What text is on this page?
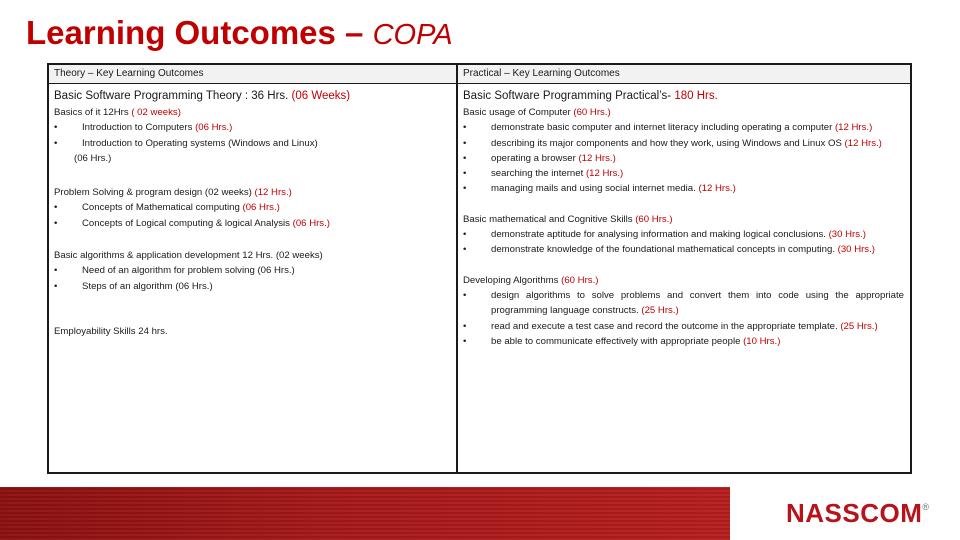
Learning Outcomes – COPA
Theory – Key Learning Outcomes
Basic Software Programming Theory : 36 Hrs. (06 Weeks)
Basics of it 12Hrs ( 02 weeks)
•	Introduction to Computers (06 Hrs.)
•	Introduction to Operating systems (Windows and Linux)
(06 Hrs.)
Problem Solving & program design (02 weeks) (12 Hrs.)
•	Concepts of Mathematical computing (06 Hrs.)
•	Concepts of Logical computing & logical Analysis (06 Hrs.)
Basic algorithms & application development 12 Hrs. (02 weeks)
•	Need of an algorithm for problem solving (06 Hrs.)
•	Steps of an algorithm (06 Hrs.)
Employability Skills 24 hrs.
Practical – Key Learning Outcomes
Basic Software Programming Practical’s- 180 Hrs.
Basic usage of Computer (60 Hrs.)
•	demonstrate basic computer and internet literacy including operating a computer (12 Hrs.)
•	describing its major components and how they work, using Windows and Linux OS (12 Hrs.)
•	operating a browser (12 Hrs.)
•	searching the internet (12 Hrs.)
•	managing mails and using social internet media. (12 Hrs.)
Basic mathematical and Cognitive Skills (60 Hrs.)
•	demonstrate aptitude for analysing information and making logical conclusions. (30 Hrs.)
•	demonstrate knowledge of the foundational mathematical concepts in computing. (30 Hrs.)
Developing Algorithms (60 Hrs.)
•	design algorithms to solve problems and convert them into code using the appropriate programming language constructs. (25 Hrs.)
•	read and execute a test case and record the outcome in the appropriate template. (25 Hrs.)
•	be able to communicate effectively with appropriate people (10 Hrs.)
NASSCOM®
